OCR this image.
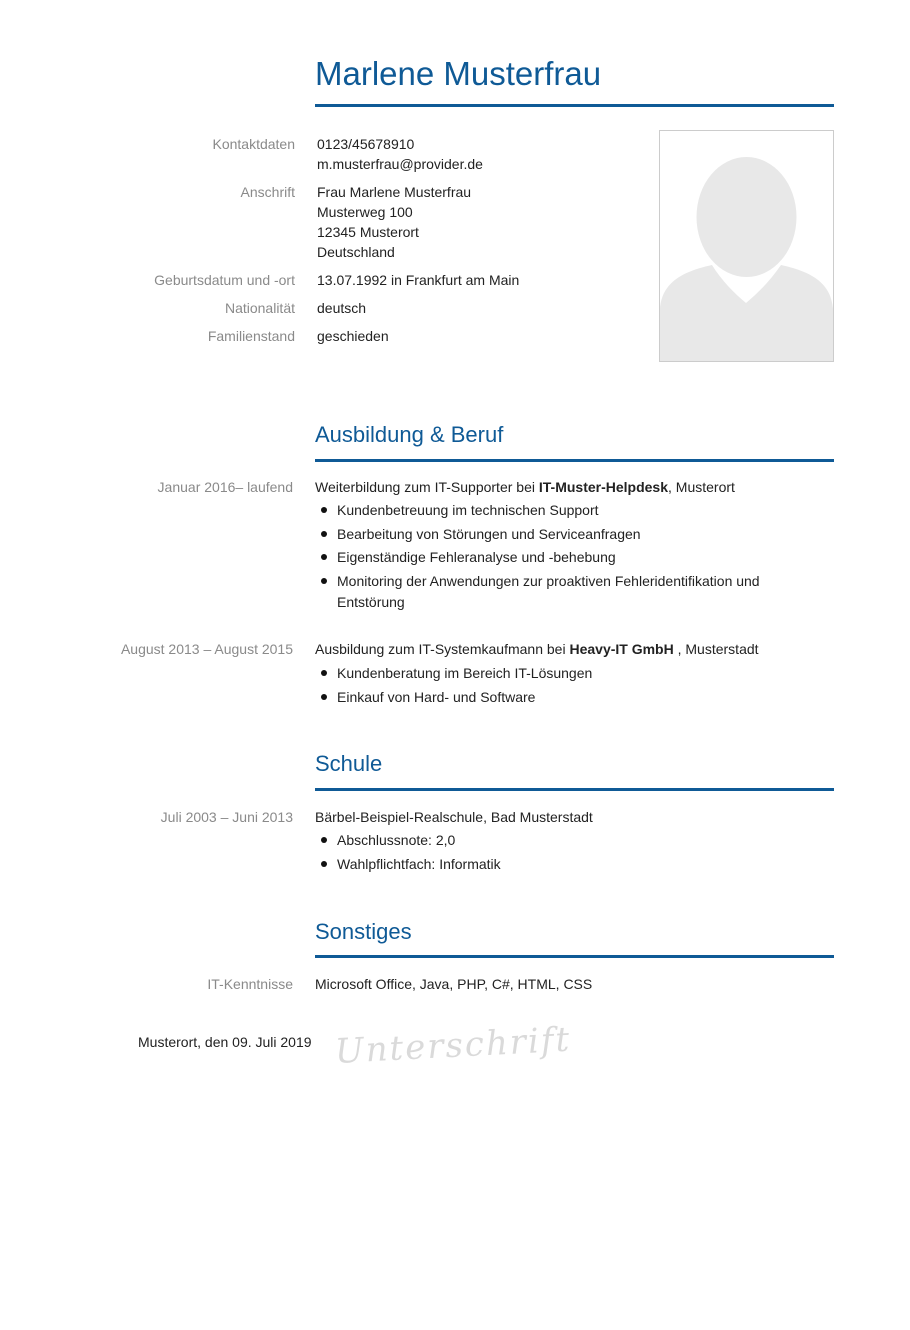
Marlene Musterfrau
Kontaktdaten 0123/45678910
m.musterfrau@provider.de
Anschrift Frau Marlene Musterfrau
Musterweg 100
12345 Musterort
Deutschland
Geburtsdatum und -ort 13.07.1992 in Frankfurt am Main
Nationalität deutsch
Familienstand geschieden
Ausbildung & Beruf
Januar 2016– laufend Weiterbildung zum IT-Supporter bei IT-Muster-Helpdesk, Musterort
Kundenbetreuung im technischen Support
Bearbeitung von Störungen und Serviceanfragen
Eigenständige Fehleranalyse und -behebung
Monitoring der Anwendungen zur proaktiven Fehleridentifikation und
Entstörung
August 2013 – August 2015 Ausbildung zum IT-Systemkaufmann bei Heavy-IT GmbH , Musterstadt
Kundenberatung im Bereich IT-Lösungen
Einkauf von Hard- und Software
Schule
Juli 2003 – Juni 2013 Bärbel-Beispiel-Realschule, Bad Musterstadt
Abschlussnote: 2,0
Wahlpflichtfach: Informatik
Sonstiges
IT-Kenntnisse Microsoft Office, Java, PHP, C#, HTML, CSS
Musterort, den 09. Juli 2019 Unterschrift
